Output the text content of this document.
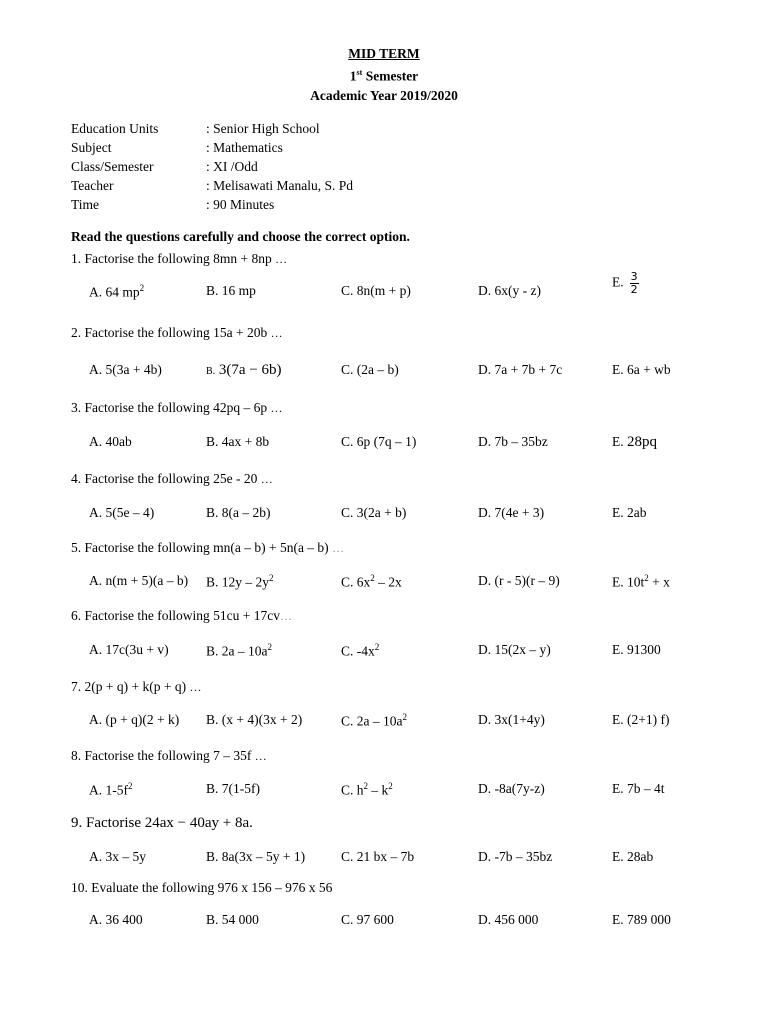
MID TERM
1st Semester
Academic Year 2019/2020
Education Units	: Senior High School
Subject	: Mathematics
Class/Semester	: XI /Odd
Teacher	: Melisawati Manalu, S. Pd
Time	: 90 Minutes
Read the questions carefully and choose the correct option.
1. Factorise the following 8mn + 8np …
A. 64 $mp^2$	B. 16 mp	C. 8n(m + p)	D. 6x(y - z)
E. $\frac{3}{2}$
2. Factorise the following 15a + 20b …
A. 5(3a + 4b)	B. 3(7a − 6b)	C. (2a – b)	D. 7a + 7b + 7c	E. 6a + wb
3. Factorise the following 42pq – 6p …
A. 40ab	B. 4ax + 8b	C. 6p (7q – 1)	D. 7b – 35bz	E. 28pq
4. Factorise the following 25e - 20 …
A. 5(5e – 4)	B. 8(a – 2b)	C. 3(2a + b)	D. 7(4e + 3)	E. 2ab
5. Factorise the following mn(a – b) + 5n(a – b) …
A. n(m + 5)(a – b) B. $12y - 2y^2$	C. $6x^2 - 2x$	D. (r - 5)(r – 9)	E. $10t^2 + x$
6. Factorise the following 51cu + 17cv…
A. 17c(3u + v)	B. $2a - 10a^2$	C. $-4x^2$	D. 15(2x – y)	E. 91300
7. 2(p + q) + k(p + q) …
A. (p + q)(2 + k) B. (x + 4)(3x + 2)	C. $2a - 10a^2$	D. 3x(1+4y)	E. (2+1) f)
8. Factorise the following 7 – 35f …
A. $1-5f^2$	B. 7(1-5f)	C. $h^2 - k^2$	D. -8a(7y-z)	E. 7b – 4t
9. Factorise 24ax − 40ay + 8a.
A. 3x – 5y	B. 8a(3x – 5y + 1)	C. 21 bx – 7b	D. -7b – 35bz	E. 28ab
10. Evaluate the following 976 x 156 – 976 x 56
A. 36 400	B. 54 000	C. 97 600	D. 456 000	E. 789 000
